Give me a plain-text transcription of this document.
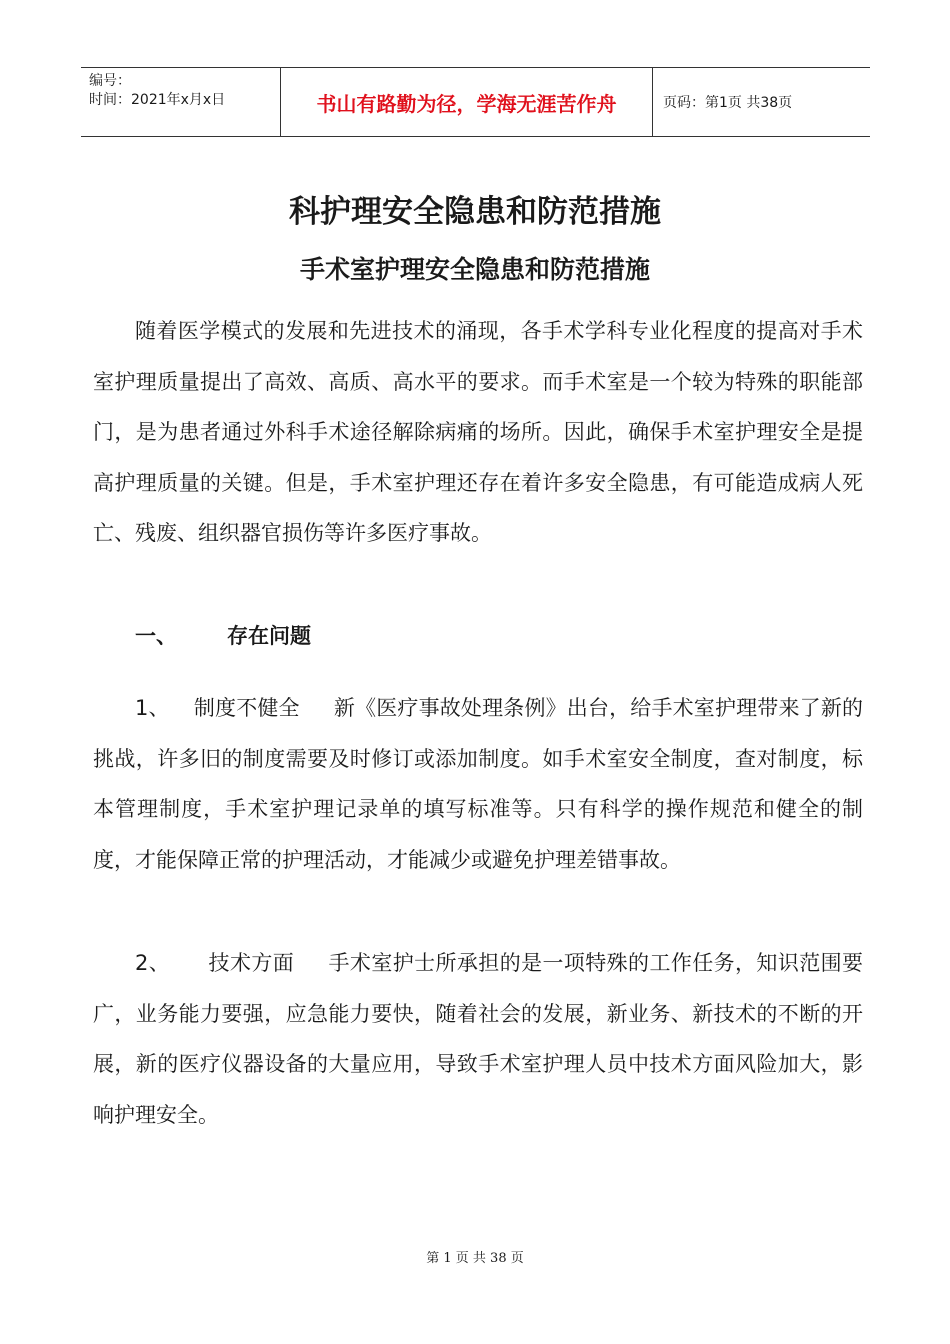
编号：
时间：2021年x月x日	书山有路勤为径，学海无涯苦作舟	页码：第1页 共38页
科护理安全隐患和防范措施
手术室护理安全隐患和防范措施

随着医学模式的发展和先进技术的涌现，各手术学科专业化程度的提高对手术室护理质量提出了高效、高质、高水平的要求。而手术室是一个较为特殊的职能部门，是为患者通过外科手术途径解除病痛的场所。因此，确保手术室护理安全是提高护理质量的关键。但是，手术室护理还存在着许多安全隐患，有可能造成病人死亡、残废、组织器官损伤等许多医疗事故。

一、 存在问题

1、 制度不健全 新《医疗事故处理条例》出台，给手术室护理带来了新的挑战，许多旧的制度需要及时修订或添加制度。如手术室安全制度，查对制度，标本管理制度，手术室护理记录单的填写标准等。只有科学的操作规范和健全的制度，才能保障正常的护理活动，才能减少或避免护理差错事故。

2、 技术方面 手术室护士所承担的是一项特殊的工作任务，知识范围要广，业务能力要强，应急能力要快，随着社会的发展，新业务、新技术的不断的开展，新的医疗仪器设备的大量应用，导致手术室护理人员中技术方面风险加大，影响护理安全。

第 1 页 共 38 页
